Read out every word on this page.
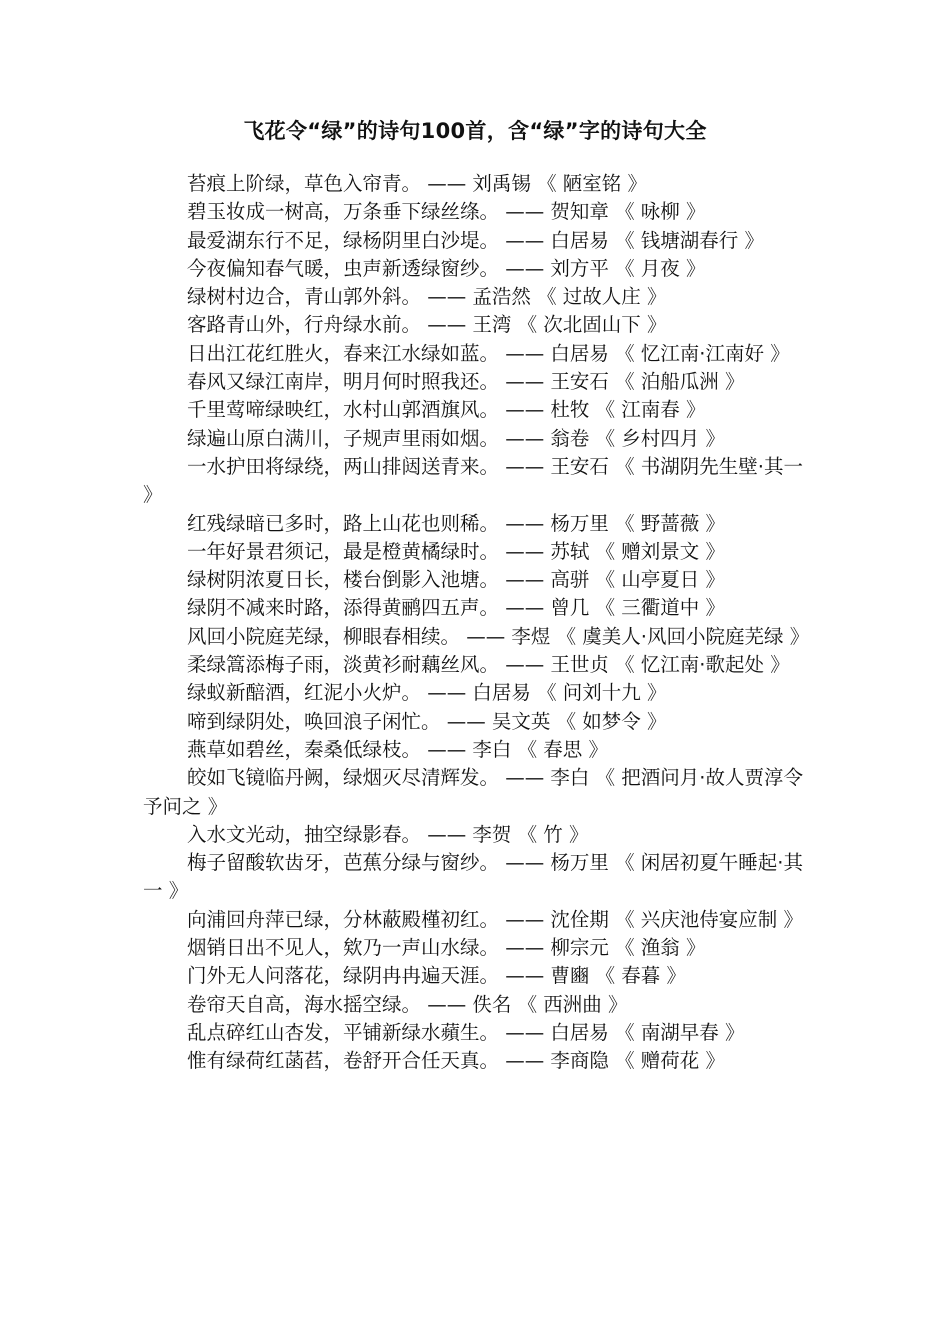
飞花令“绿”的诗句100首，含“绿”字的诗句大全

苔痕上阶绿，草色入帘青。 —— 刘禹锡 《 陋室铭 》

碧玉妆成一树高，万条垂下绿丝绦。 —— 贺知章 《 咏柳 》

最爱湖东行不足，绿杨阴里白沙堤。 —— 白居易 《 钱塘湖春行 》

今夜偏知春气暖，虫声新透绿窗纱。 —— 刘方平 《 月夜 》

绿树村边合，青山郭外斜。 —— 孟浩然 《 过故人庄 》

客路青山外，行舟绿水前。 —— 王湾 《 次北固山下 》

日出江花红胜火，春来江水绿如蓝。 —— 白居易 《 忆江南·江南好 》

春风又绿江南岸，明月何时照我还。 —— 王安石 《 泊船瓜洲 》

千里莺啼绿映红，水村山郭酒旗风。 —— 杜牧 《 江南春 》

绿遍山原白满川，子规声里雨如烟。 —— 翁卷 《 乡村四月 》

一水护田将绿绕，两山排闼送青来。 —— 王安石 《 书湖阴先生壁·其一 》

红残绿暗已多时，路上山花也则稀。 —— 杨万里 《 野蔷薇 》

一年好景君须记，最是橙黄橘绿时。 —— 苏轼 《 赠刘景文 》

绿树阴浓夏日长，楼台倒影入池塘。 —— 高骈 《 山亭夏日 》

绿阴不减来时路，添得黄鹂四五声。 —— 曾几 《 三衢道中 》

风回小院庭芜绿，柳眼春相续。 —— 李煜 《 虞美人·风回小院庭芜绿 》

柔绿篙添梅子雨，淡黄衫耐藕丝风。 —— 王世贞 《 忆江南·歌起处 》

绿蚁新醅酒，红泥小火炉。 —— 白居易 《 问刘十九 》

啼到绿阴处，唤回浪子闲忙。 —— 吴文英 《 如梦令 》

燕草如碧丝，秦桑低绿枝。 —— 李白 《 春思 》

皎如飞镜临丹阙，绿烟灭尽清辉发。 —— 李白 《 把酒问月·故人贾淳令予问之 》

入水文光动，抽空绿影春。 —— 李贺 《 竹 》

梅子留酸软齿牙，芭蕉分绿与窗纱。 —— 杨万里 《 闲居初夏午睡起·其一 》

向浦回舟萍已绿，分林蔽殿槿初红。 —— 沈佺期 《 兴庆池侍宴应制 》

烟销日出不见人，欸乃一声山水绿。 —— 柳宗元 《 渔翁 》

门外无人问落花，绿阴冉冉遍天涯。 —— 曹豳 《 春暮 》

卷帘天自高，海水摇空绿。 —— 佚名 《 西洲曲 》

乱点碎红山杏发，平铺新绿水蘋生。 —— 白居易 《 南湖早春 》

惟有绿荷红菡萏，卷舒开合任天真。 —— 李商隐 《 赠荷花 》
